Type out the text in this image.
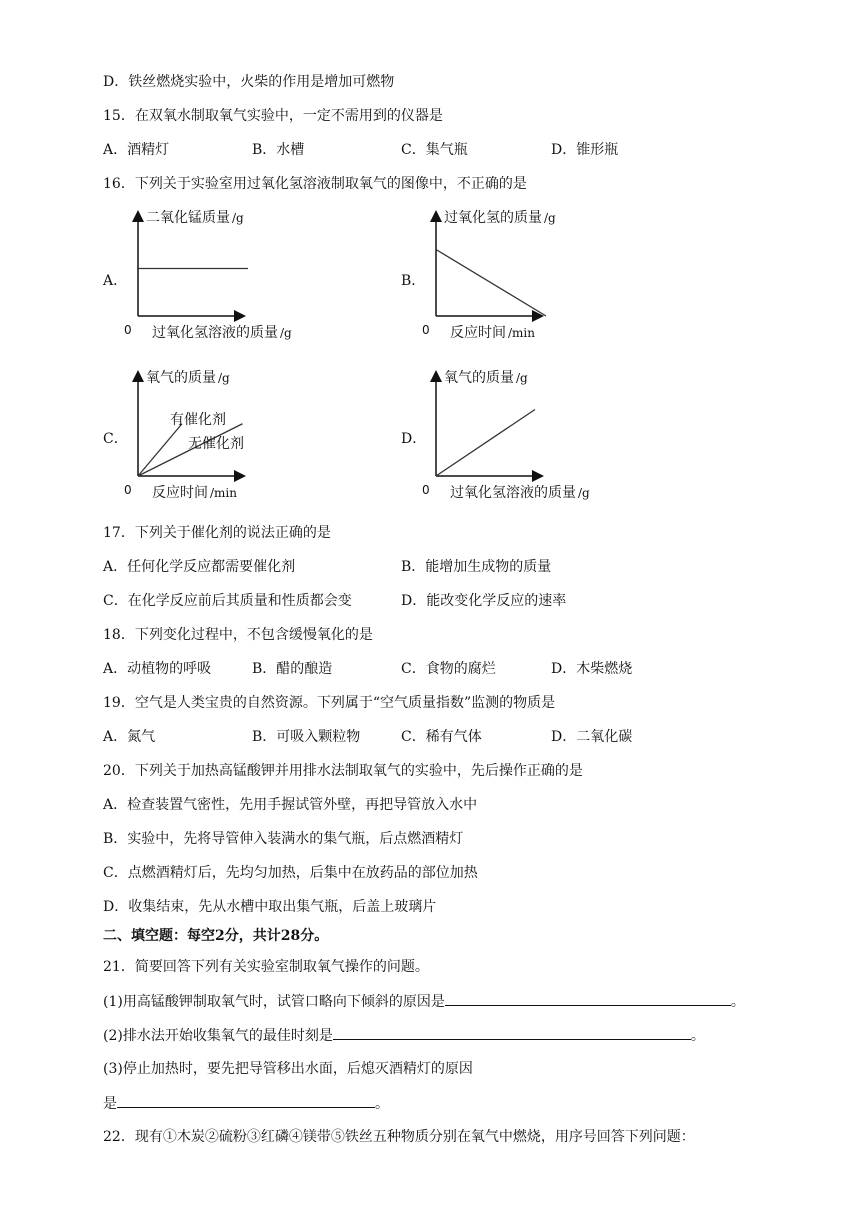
D．铁丝燃烧实验中，火柴的作用是增加可燃物
15．在双氧水制取氧气实验中，一定不需用到的仪器是
A．酒精灯	B．水槽	C．集气瓶	D．锥形瓶
16．下列关于实验室用过氧化氢溶液制取氧气的图像中，不正确的是
A．	B．
C．	D．
二氧化锰质量 /g
0 过氧化氢溶液的质量 /g
过氧化氢的质量 /g
0 反应时间 /min
氧气的质量 /g
0 反应时间 /min
有催化剂
无催化剂
氧气的质量 /g
0 过氧化氢溶液的质量 /g
17．下列关于催化剂的说法正确的是
A．任何化学反应都需要催化剂	B．能增加生成物的质量
C．在化学反应前后其质量和性质都会变	D．能改变化学反应的速率
18．下列变化过程中，不包含缓慢氧化的是
A．动植物的呼吸	B．醋的酿造	C．食物的腐烂	D．木柴燃烧
19．空气是人类宝贵的自然资源。下列属于“空气质量指数”监测的物质是
A．氮气	B．可吸入颗粒物	C．稀有气体	D．二氧化碳
20．下列关于加热高锰酸钾并用排水法制取氧气的实验中，先后操作正确的是
A．检查装置气密性，先用手握试管外壁，再把导管放入水中
B．实验中，先将导管伸入装满水的集气瓶，后点燃酒精灯
C．点燃酒精灯后，先均匀加热，后集中在放药品的部位加热
D．收集结束，先从水槽中取出集气瓶，后盖上玻璃片
二、填空题：每空2分，共计28分。
21．简要回答下列有关实验室制取氧气操作的问题。
(1)用高锰酸钾制取氧气时，试管口略向下倾斜的原因是	。
(2)排水法开始收集氧气的最佳时刻是	。
(3)停止加热时，要先把导管移出水面，后熄灭酒精灯的原因
是	。
22．现有①木炭②硫粉③红磷④镁带⑤铁丝五种物质分别在氧气中燃烧，用序号回答下列问题：
